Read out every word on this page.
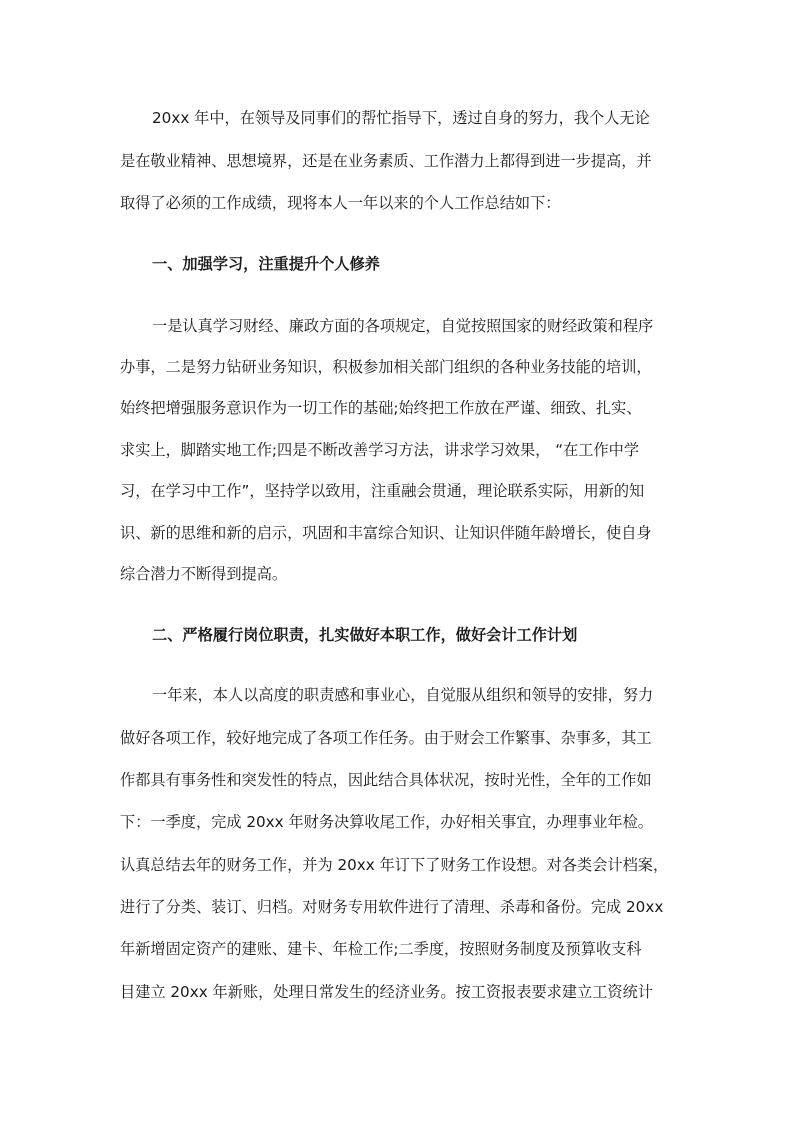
20xx 年中，在领导及同事们的帮忙指导下，透过自身的努力，我个人无论
是在敬业精神、思想境界，还是在业务素质、工作潜力上都得到进一步提高，并
取得了必须的工作成绩，现将本人一年以来的个人工作总结如下：
一、加强学习，注重提升个人修养
一是认真学习财经、廉政方面的各项规定，自觉按照国家的财经政策和程序
办事，二是努力钻研业务知识，积极参加相关部门组织的各种业务技能的培训，
始终把增强服务意识作为一切工作的基础;始终把工作放在严谨、细致、扎实、
求实上，脚踏实地工作;四是不断改善学习方法，讲求学习效果， “在工作中学
习，在学习中工作”，坚持学以致用，注重融会贯通，理论联系实际，用新的知
识、新的思维和新的启示，巩固和丰富综合知识、让知识伴随年龄增长，使自身
综合潜力不断得到提高。
二、严格履行岗位职责，扎实做好本职工作，做好会计工作计划
一年来，本人以高度的职责感和事业心，自觉服从组织和领导的安排，努力
做好各项工作，较好地完成了各项工作任务。由于财会工作繁事、杂事多，其工
作都具有事务性和突发性的特点，因此结合具体状况，按时光性，全年的工作如
下：一季度，完成 20xx 年财务决算收尾工作，办好相关事宜，办理事业年检。
认真总结去年的财务工作，并为 20xx 年订下了财务工作设想。对各类会计档案，
进行了分类、装订、归档。对财务专用软件进行了清理、杀毒和备份。完成 20xx
年新增固定资产的建账、建卡、年检工作;二季度，按照财务制度及预算收支科
目建立 20xx 年新账，处理日常发生的经济业务。按工资报表要求建立工资统计
